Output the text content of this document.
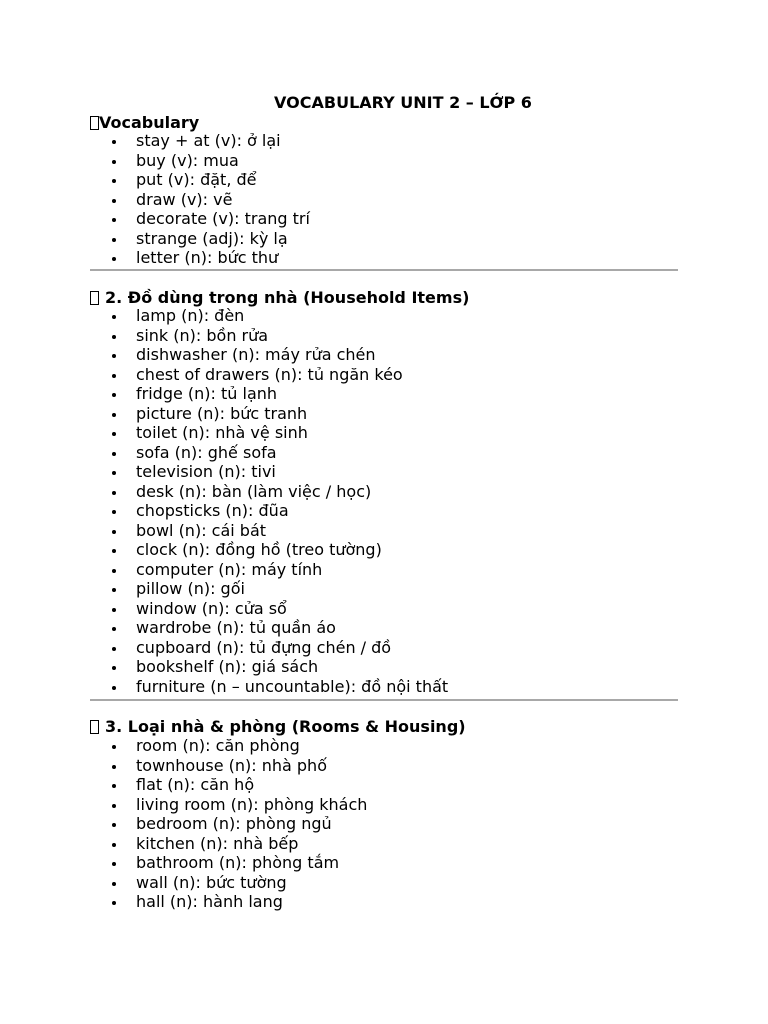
VOCABULARY UNIT 2 – LỚP 6
Vocabulary
stay + at (v): ở lại
buy (v): mua
put (v): đặt, để
draw (v): vẽ
decorate (v): trang trí
strange (adj): kỳ lạ
letter (n): bức thư
2. Đồ dùng trong nhà (Household Items)
lamp (n): đèn
sink (n): bồn rửa
dishwasher (n): máy rửa chén
chest of drawers (n): tủ ngăn kéo
fridge (n): tủ lạnh
picture (n): bức tranh
toilet (n): nhà vệ sinh
sofa (n): ghế sofa
television (n): tivi
desk (n): bàn (làm việc / học)
chopsticks (n): đũa
bowl (n): cái bát
clock (n): đồng hồ (treo tường)
computer (n): máy tính
pillow (n): gối
window (n): cửa sổ
wardrobe (n): tủ quần áo
cupboard (n): tủ đựng chén / đồ
bookshelf (n): giá sách
furniture (n – uncountable): đồ nội thất
3. Loại nhà & phòng (Rooms & Housing)
room (n): căn phòng
townhouse (n): nhà phố
flat (n): căn hộ
living room (n): phòng khách
bedroom (n): phòng ngủ
kitchen (n): nhà bếp
bathroom (n): phòng tắm
wall (n): bức tường
hall (n): hành lang
